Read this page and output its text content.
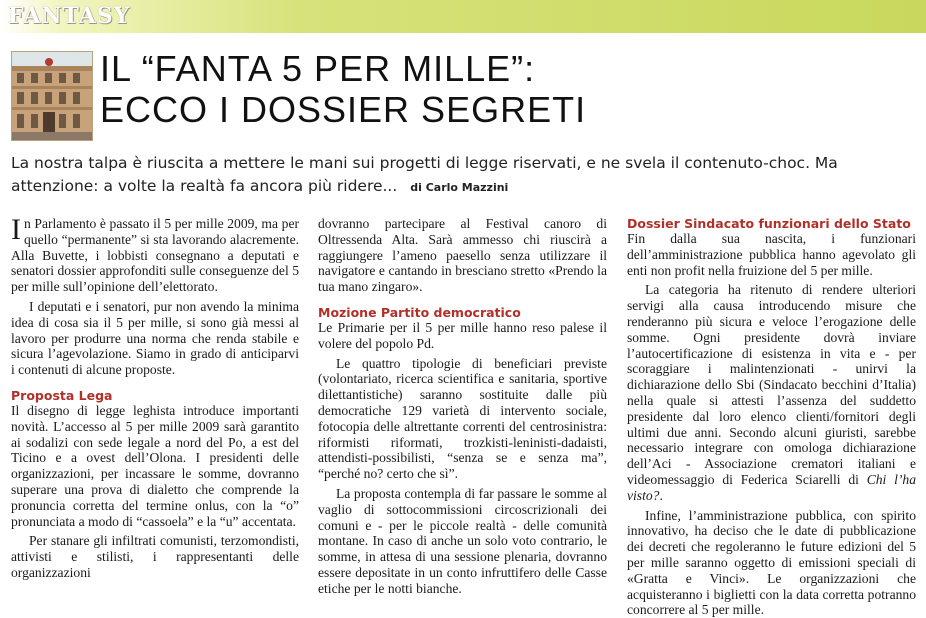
FANTASY
IL “FANTA 5 PER MILLE”:
ECCO I DOSSIER SEGRETI

La nostra talpa è riuscita a mettere le mani sui progetti di legge riservati, e ne svela il contenuto-choc. Ma attenzione: a volte la realtà fa ancora più ridere... di Carlo Mazzini

In Parlamento è passato il 5 per mille 2009, ma per quello “permanente” si sta lavorando alacremente. Alla Buvette, i lobbisti consegnano a deputati e senatori dossier approfonditi sulle conseguenze del 5 per mille sull’opinione dell’elettorato.

I deputati e i senatori, pur non avendo la minima idea di cosa sia il 5 per mille, si sono già messi al lavoro per produrre una norma che renda stabile e sicura l’agevolazione. Siamo in grado di anticiparvi i contenuti di alcune proposte.

Proposta Lega

Il disegno di legge leghista introduce importanti novità. L’accesso al 5 per mille 2009 sarà garantito ai sodalizi con sede legale a nord del Po, a est del Ticino e a ovest dell’Olona. I presidenti delle organizzazioni, per incassare le somme, dovranno superare una prova di dialetto che comprende la pronuncia corretta del termine onlus, con la “o” pronunciata a modo di “cassoela” e la “u” accentata.

Per stanare gli infiltrati comunisti, terzomondisti, attivisti e stilisti, i rappresentanti delle organizzazioni

dovranno partecipare al Festival canoro di Oltressenda Alta. Sarà ammesso chi riuscirà a raggiungere l’ameno paesello senza utilizzare il navigatore e cantando in bresciano stretto «Prendo la tua mano zingaro».

Mozione Partito democratico

Le Primarie per il 5 per mille hanno reso palese il volere del popolo Pd.

Le quattro tipologie di beneficiari previste (volontariato, ricerca scientifica e sanitaria, sportive dilettantistiche) saranno sostituite dalle più democratiche 129 varietà di intervento sociale, fotocopia delle altrettante correnti del centrosinistra: riformisti riformati, trozkisti-leninisti-dadaisti, attendisti-possibilisti, “senza se e senza ma”, “perché no? certo che sì”.

La proposta contempla di far passare le somme al vaglio di sottocommissioni circoscrizionali dei comuni e - per le piccole realtà - delle comunità montane. In caso di anche un solo voto contrario, le somme, in attesa di una sessione plenaria, dovranno essere depositate in un conto infruttifero delle Casse etiche per le notti bianche.

Dossier Sindacato funzionari dello Stato

Fin dalla sua nascita, i funzionari dell’amministrazione pubblica hanno agevolato gli enti non profit nella fruizione del 5 per mille.

La categoria ha ritenuto di rendere ulteriori servigi alla causa introducendo misure che renderanno più sicura e veloce l’erogazione delle somme. Ogni presidente dovrà inviare l’autocertificazione di esistenza in vita e - per scoraggiare i malintenzionati - unirvi la dichiarazione dello Sbi (Sindacato becchini d’Italia) nella quale si attesti l’assenza del suddetto presidente dal loro elenco clienti/fornitori degli ultimi due anni. Secondo alcuni giuristi, sarebbe necessario integrare con omologa dichiarazione dell’Aci - Associazione crematori italiani e videomessaggio di Federica Sciarelli di Chi l’ha visto?.

Infine, l’amministrazione pubblica, con spirito innovativo, ha deciso che le date di pubblicazione dei decreti che regoleranno le future edizioni del 5 per mille saranno oggetto di emissioni speciali di «Gratta e Vinci». Le organizzazioni che acquisteranno i biglietti con la data corretta potranno concorrere al 5 per mille.
